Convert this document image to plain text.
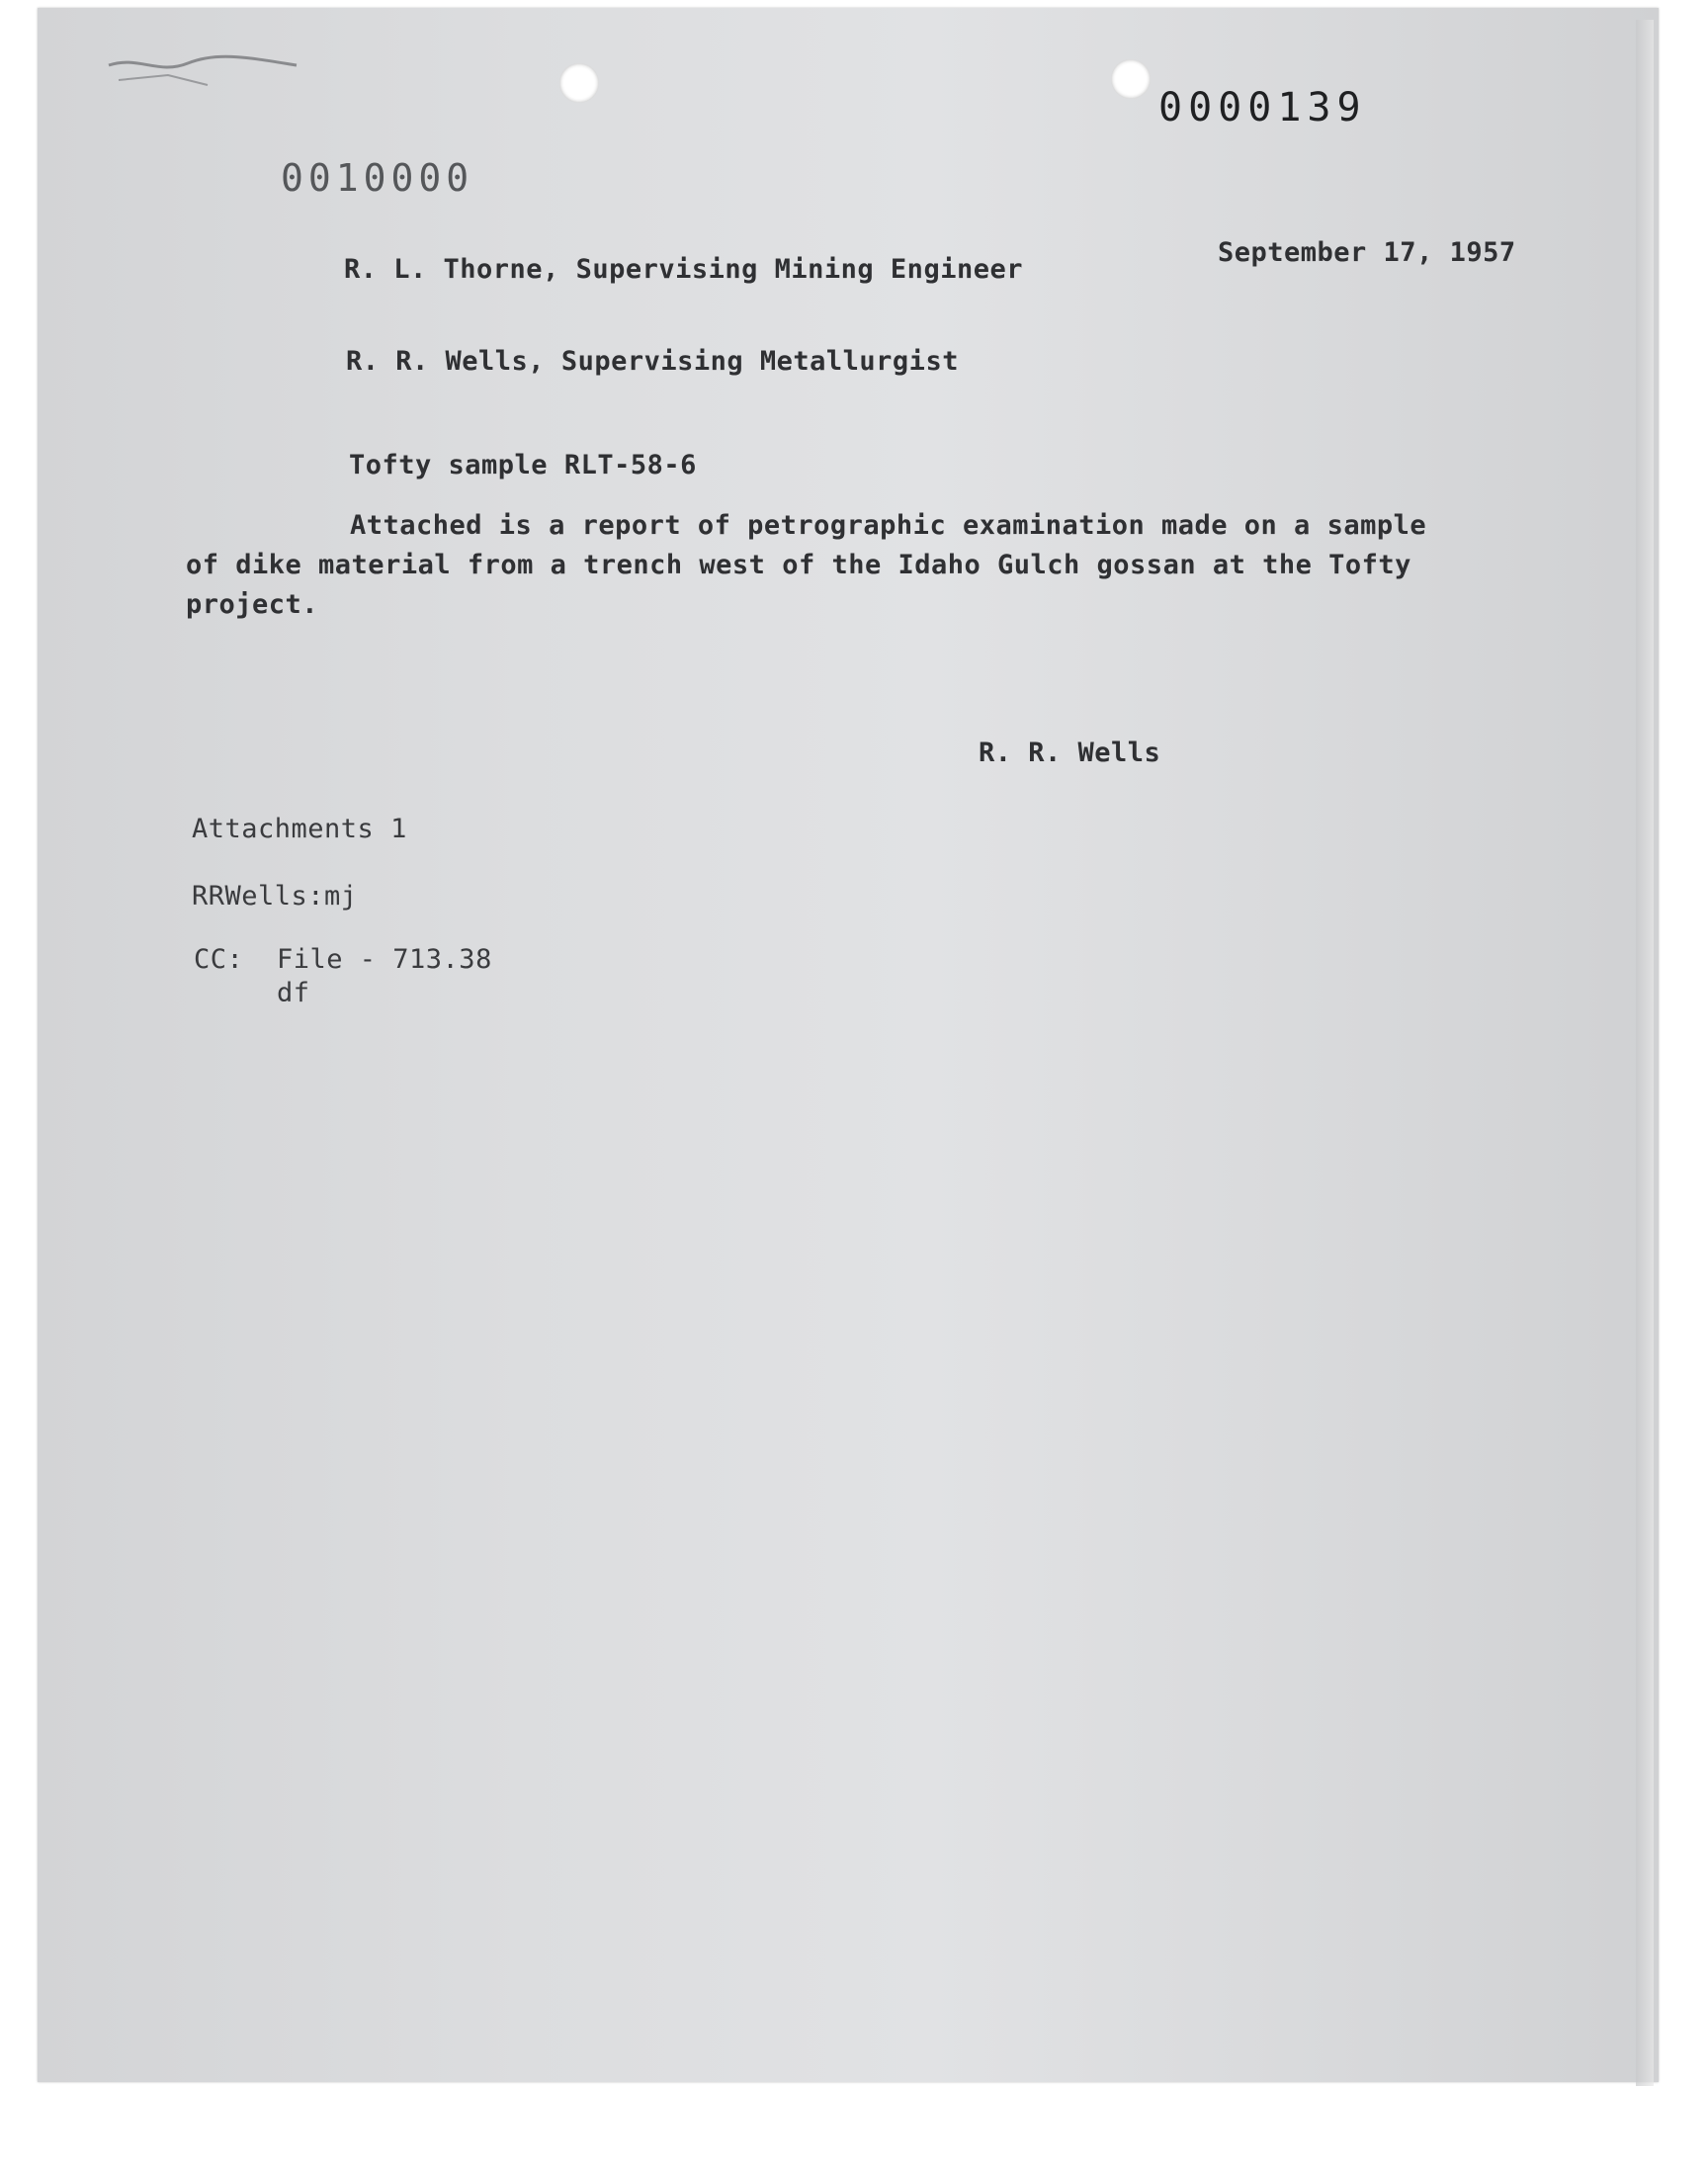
0000139
0010000
R. L. Thorne, Supervising Mining Engineer
September 17, 1957
R. R. Wells, Supervising Metallurgist
Tofty sample RLT-58-6
Attached is a report of petrographic examination made on a sample
of dike material from a trench west of the Idaho Gulch gossan at the Tofty
project.
R. R. Wells
Attachments 1
RRWells:mj
CC: File - 713.38
df
